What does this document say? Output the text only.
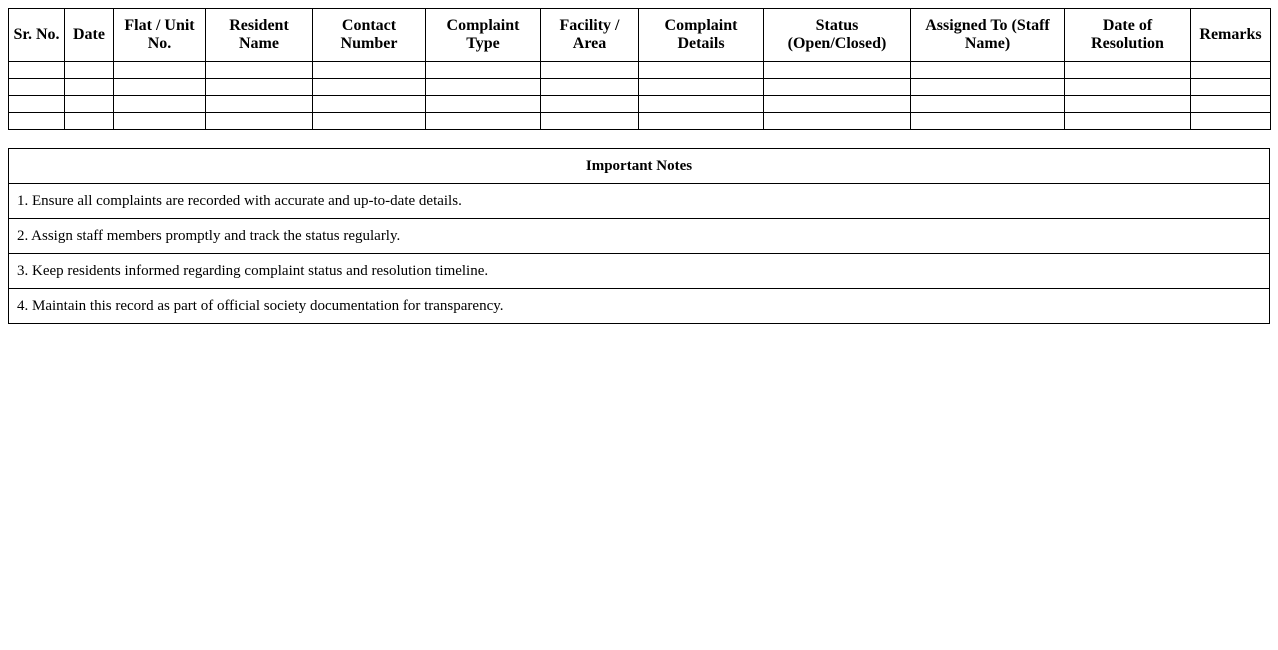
Sr. No.	Date	Flat / Unit No.	Resident Name	Contact Number	Complaint Type	Facility / Area	Complaint Details	Status (Open/Closed)	Assigned To (Staff Name)	Date of Resolution	Remarks

Important Notes
1. Ensure all complaints are recorded with accurate and up-to-date details.
2. Assign staff members promptly and track the status regularly.
3. Keep residents informed regarding complaint status and resolution timeline.
4. Maintain this record as part of official society documentation for transparency.
